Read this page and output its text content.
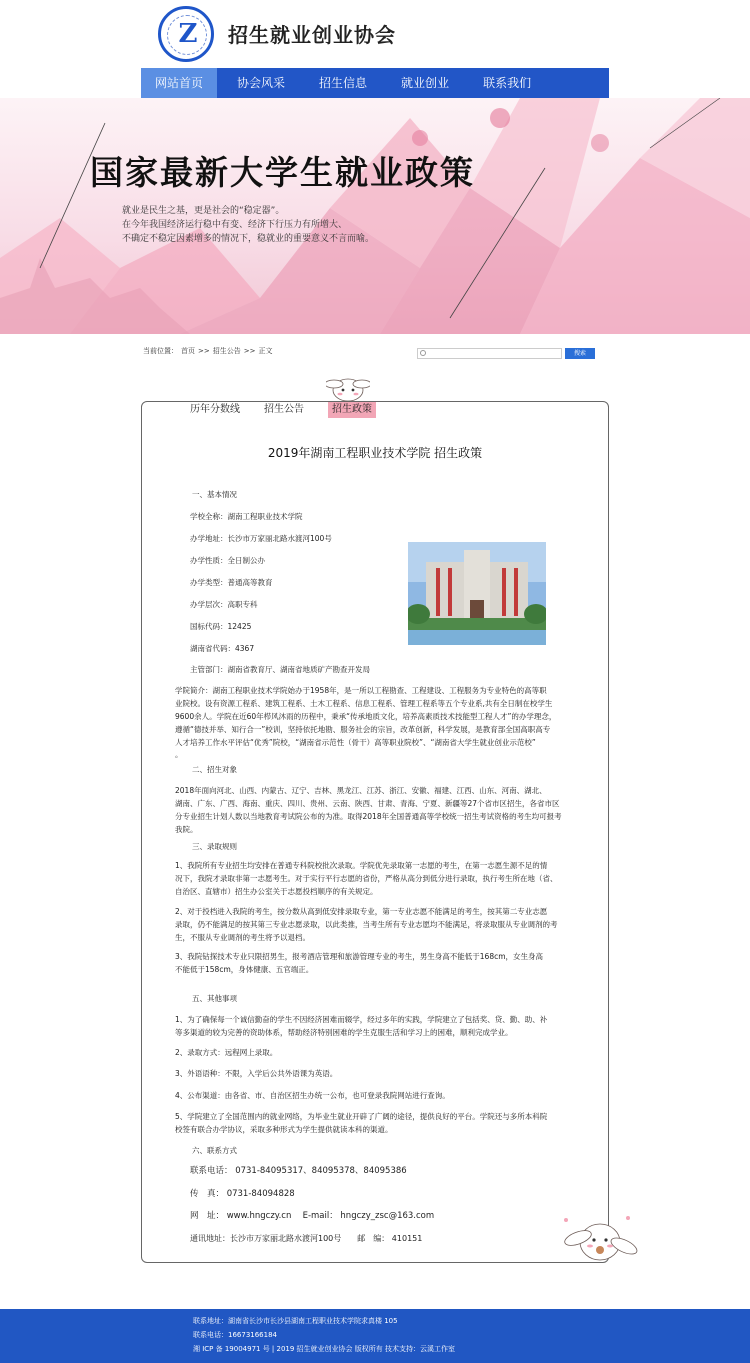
Z 招生就业创业协会
网站首页	协会风采	招生信息	就业创业	联系我们
国家最新大学生就业政策
就业是民生之基，更是社会的“稳定器”。
在今年我国经济运行稳中有变、经济下行压力有所增大、
不确定不稳定因素增多的情况下，稳就业的重要意义不言而喻。
当前位置： 首页 >> 招生公告 >> 正文	搜索
历年分数线 招生公告	招生政策
2019年湖南工程职业技术学院 招生政策
一、基本情况
学校全称：湖南工程职业技术学院
办学地址：长沙市万家丽北路水渡河100号
办学性质：全日制公办
办学类型：普通高等教育
办学层次：高职专科
国标代码：12425
湖南省代码：4367
主管部门：湖南省教育厅、湖南省地质矿产勘查开发局
学院简介：湖南工程职业技术学院始办于1958年，是一所以工程勘查、工程建设、工程服务为专业特色的高等职
业院校。设有资源工程系、建筑工程系、土木工程系、信息工程系、管理工程系等五个专业系,共有全日制在校学生
9600余人。学院在近60年栉风沐雨的历程中，秉承“传承地质文化，培养高素质技术技能型工程人才”的办学理念，
遵循“德技并举、知行合一”校训，坚持依托地勘、服务社会的宗旨，改革创新，科学发展，是教育部全国高职高专
人才培养工作水平评估“优秀”院校，“湖南省示范性（骨干）高等职业院校”、“湖南省大学生就业创业示范校”
。
二、招生对象
2018年面向河北、山西、内蒙古、辽宁、吉林、黑龙江、江苏、浙江、安徽、福建、江西、山东、河南、湖北、
湖南、广东、广西、海南、重庆、四川、贵州、云南、陕西、甘肃、青海、宁夏、新疆等27个省市区招生，各省市区
分专业招生计划人数以当地教育考试院公布的为准。取得2018年全国普通高等学校统一招生考试资格的考生均可报考
我院。
三、录取规则
1、我院所有专业招生均安排在普通专科院校批次录取。学院优先录取第一志愿的考生，在第一志愿生源不足的情
况下，我院才录取非第一志愿考生。对于实行平行志愿的省份，严格从高分到低分进行录取，执行考生所在地（省、
自治区、直辖市）招生办公室关于志愿投档顺序的有关规定。
2、对于投档进入我院的考生，按分数从高到低安排录取专业，第一专业志愿不能满足的考生，按其第二专业志愿
录取，仍不能满足的按其第三专业志愿录取，以此类推，当考生所有专业志愿均不能满足，将录取服从专业调剂的考
生，不服从专业调剂的考生将予以退档。
3、我院钻探技术专业只限招男生，报考酒店管理和旅游管理专业的考生，男生身高不能低于168cm，女生身高
不能低于158cm，身体健康、五官端正。
五、其他事项
1、为了确保每一个诚信勤奋的学生不因经济困难而辍学，经过多年的实践，学院建立了包括奖、贷、勤、助、补
等多渠道的较为完善的资助体系，帮助经济特别困难的学生克服生活和学习上的困难，顺利完成学业。
2、录取方式：远程网上录取。
3、外语语种：不限，入学后公共外语课为英语。
4、公布渠道：由各省、市、自治区招生办统一公布，也可登录我院网站进行查询。
5、学院建立了全国范围内的就业网络，为毕业生就业开辟了广阔的途径，提供良好的平台。学院还与多所本科院
校签有联合办学协议，采取多种形式为学生提供就读本科的渠道。
六、联系方式
联系电话： 0731-84095317、84095378、84095386
传　真： 0731-84094828
网　址： www.hngczy.cn　 E-mail： hngczy_zsc@163.com
通讯地址：长沙市万家丽北路水渡河100号　　邮　编： 410151
联系地址：湖南省长沙市长沙县湖南工程职业技术学院求真楼 105
联系电话：16673166184
湘 ICP 备 19004971 号 | 2019 招生就业创业协会 版权所有 技术支持：云溪工作室
